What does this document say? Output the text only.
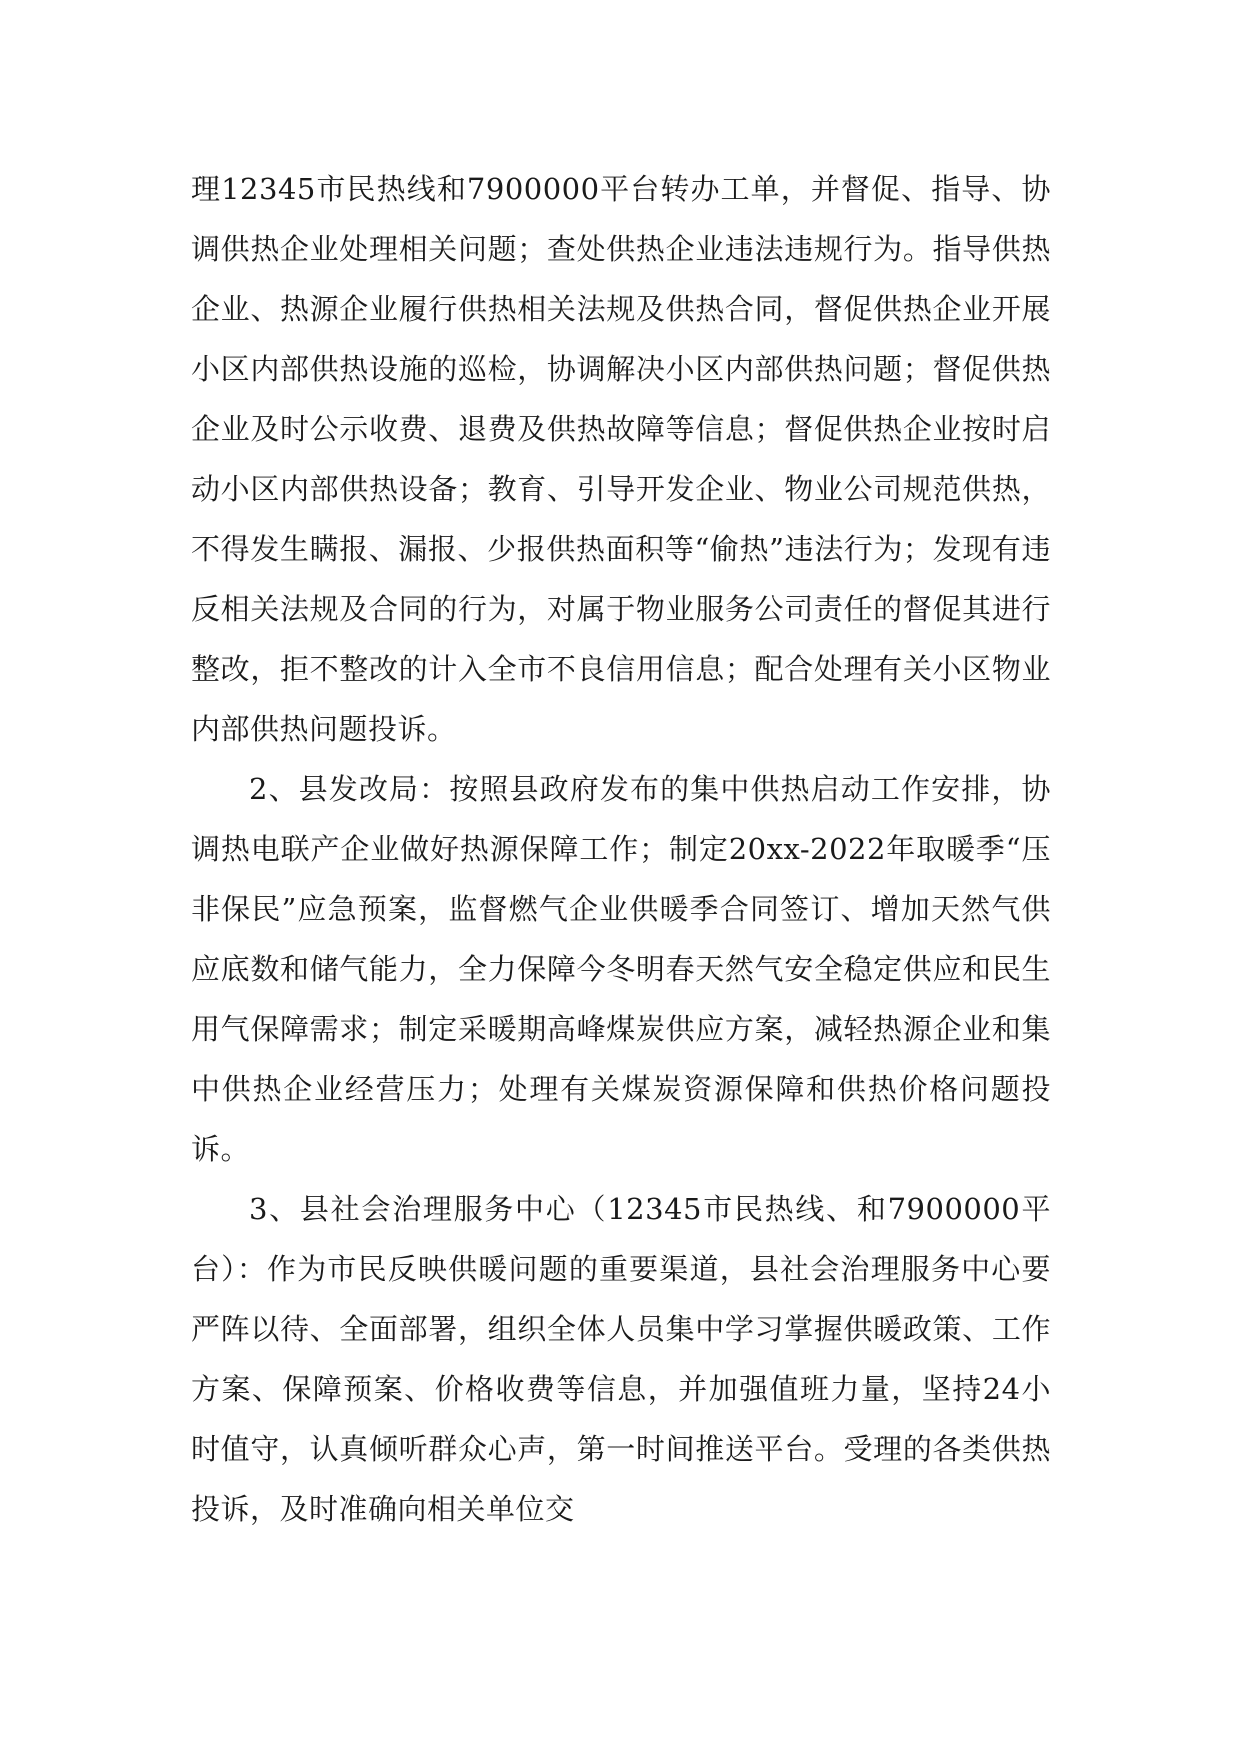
理12345市民热线和7900000平台转办工单，并督促、指导、协调供热企业处理相关问题；查处供热企业违法违规行为。指导供热企业、热源企业履行供热相关法规及供热合同，督促供热企业开展小区内部供热设施的巡检，协调解决小区内部供热问题；督促供热企业及时公示收费、退费及供热故障等信息；督促供热企业按时启动小区内部供热设备；教育、引导开发企业、物业公司规范供热，不得发生瞒报、漏报、少报供热面积等“偷热”违法行为；发现有违反相关法规及合同的行为，对属于物业服务公司责任的督促其进行整改，拒不整改的计入全市不良信用信息；配合处理有关小区物业内部供热问题投诉。

2、县发改局：按照县政府发布的集中供热启动工作安排，协调热电联产企业做好热源保障工作；制定20xx-2022年取暖季“压非保民”应急预案，监督燃气企业供暖季合同签订、增加天然气供应底数和储气能力，全力保障今冬明春天然气安全稳定供应和民生用气保障需求；制定采暖期高峰煤炭供应方案，减轻热源企业和集中供热企业经营压力；处理有关煤炭资源保障和供热价格问题投诉。

3、县社会治理服务中心（12345市民热线、和7900000平台）：作为市民反映供暖问题的重要渠道，县社会治理服务中心要严阵以待、全面部署，组织全体人员集中学习掌握供暖政策、工作方案、保障预案、价格收费等信息，并加强值班力量，坚持24小时值守，认真倾听群众心声，第一时间推送平台。受理的各类供热投诉，及时准确向相关单位交
